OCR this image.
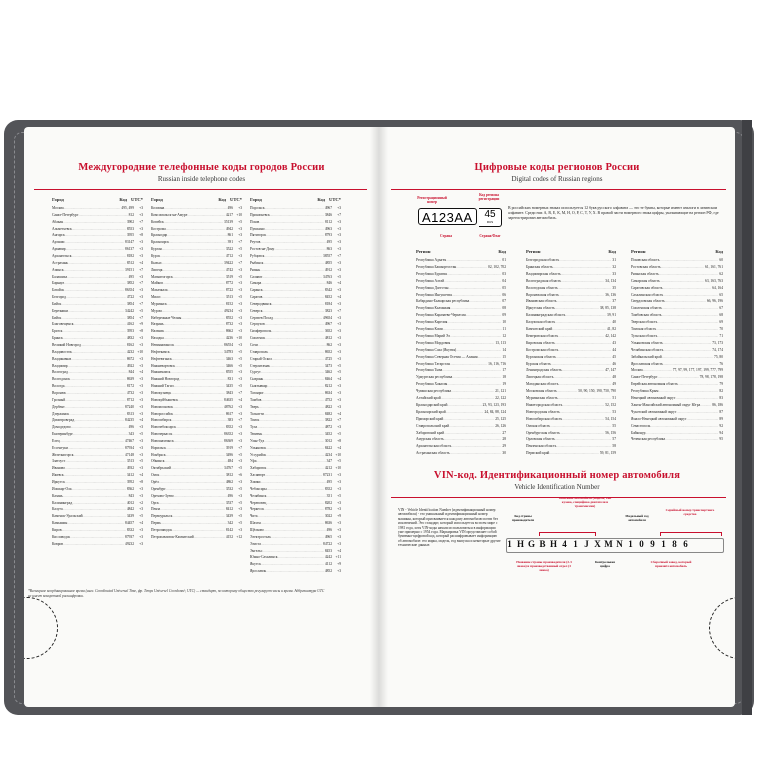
Междугородние телефонные коды городов России
Russian inside telephone codes
Город	Код UTC*
Москва .....	495, 499	+3
Санкт-Петербург .....	812	+3
Абакан .....	3902	+7
Альметьевск .....	8553	+3
Ангарск .....	3955	+8
Арзамас .....	83147	+3
Армавир .....	86137	+3
Архангельск .....	8182	+3
Астрахань .....	8512	+4
Ачинск .....	39151	+7
Балашиха .....	495	+3
Барнаул .....	3852	+7
Батайск .....	86354	+3
Белгород .....	4722	+3
Бийск .....	3854	+7
Березники .....	34242	+5
Бийск .....	3854	+7
Благовещенск .....	4162	+9
Братск .....	3953	+8
Брянск .....	4832	+3
Великий Новгород .....	8162	+3
Владивосток .....	4232 +10
Владикавказ .....	8672	+3
Владимир .....	4922	+3
Волгоград .....	844	+4
Волгодонск .....	8639	+3
Вологда .....	8172	+3
Воронеж .....	4732	+3
Грозный .....	8712	+3
Дербент .....	87240	+3
Дзержинск .....	8313	+3
Димитровград .....	84235	+4
Домодедово .....	496	+3
Екатеринбург .....	343	+5
Елец .....	47467	+3
Ессентуки .....	87934	+3
Железногорск .....	47148	+3
Златоуст .....	3513	+5
Иваново .....	4932	+3
Ижевск .....	3412	+4
Иркутск .....	3952	+8
Йошкар-Ола .....	8362	+3
Казань .....	843	+3
Калининград .....	4012	+2
Калуга .....	4842	+3
Каменск-Уральский .....	3439	+5
Камышин .....	84457	+4
Киров .....	8332	+3
Кисловодск .....	87937	+3
Ковров .....	49232	+3
Город	Код UTC*
Коломна .....	496	+3
Комсомольск-на-Амуре .....	4217 +10
Копейск .....	35139	+5
Кострома .....	4942	+3
Краснодар .....	861	+3
Красноярск .....	391	+7
Курган .....	3522	+5
Курск .....	4712	+3
Кызыл .....	39422	+7
Липецк .....	4742	+3
Магнитогорск .....	3519	+5
Майкоп .....	8772	+3
Махачкала .....	8722	+3
Миасс .....	3513	+5
Мурманск .....	8152	+3
Муром .....	49234	+3
Набережные Челны .....	8552	+3
Назрань .....	8732	+3
Нальчик .....	8662	+3
Находка .....	4236 +10
Невинномысск .....	86554	+3
Нефтекамск .....	34783	+5
Нефтеюганск .....	3463	+5
Нижневартовск .....	3466	+5
Нижнекамск .....	8555	+3
Нижний Новгород .....	831	+3
Нижний Тагил .....	3435	+5
Новокузнецк .....	3843	+7
Новокуйбышевск .....	84635	+4
Новомосковск .....	48762	+3
Новороссийск .....	8617	+3
Новосибирск .....	383	+7
Новочебоксарск .....	8352	+3
Новочеркасск .....	86352	+3
Новошахтинск .....	86369	+3
Норильск .....	3919	+7
Ноябрьск .....	3496	+5
Обнинск .....	484	+3
Октябрьский .....	34767	+5
Омск .....	3812	+6
Орёл .....	4862	+3
Оренбург .....	3532	+5
Орехово-Зуево .....	496	+3
Орск .....	3537	+5
Пенза .....	8412	+3
Первоуральск .....	3439	+5
Пермь .....	342	+5
Петрозаводск .....	8142	+3
Петропавловск-Камчатский .....	4152 +12
Город	Код UTC*
Подольск .....	4967	+3
Прокопьевск .....	3846	+7
Псков .....	8112	+3
Пушкино .....	4963	+3
Пятигорск .....	8793	+3
Реутов .....	495	+3
Ростов-на-Дону .....	863	+3
Рубцовск .....	38557	+7
Рыбинск .....	4855	+3
Рязань .....	4912	+3
Салават .....	34763	+5
Самара .....	846	+4
Саранск .....	8342	+3
Саратов .....	8452	+4
Северодвинск .....	8184	+3
Северск .....	3823	+7
Сергиев Посад .....	49654	+3
Серпухов .....	4967	+3
Симферополь .....	3652	+3
Смоленск .....	4812	+3
Сочи .....	862	+3
Ставрополь .....	8652	+3
Старый Оскол .....	4725	+3
Стерлитамак .....	3473	+5
Сургут .....	3462	+5
Сызрань .....	8464	+4
Сыктывкар .....	8212	+3
Таганрог .....	8634	+3
Тамбов .....	4752	+3
Тверь .....	4822	+3
Тольятти .....	8482	+4
Томск .....	3822	+7
Тула .....	4872	+3
Тюмень .....	3452	+5
Улан-Удэ .....	3012	+8
Ульяновск .....	8422	+4
Уссурийск .....	4234 +10
Уфа .....	347	+5
Хабаровск .....	4212 +10
Хасавюрт .....	87231	+3
Химки .....	495	+3
Чебоксары .....	8352	+3
Челябинск .....	351	+5
Череповец .....	8202	+3
Черкесск .....	8782	+3
Чита .....	3022	+9
Шахты .....	8636	+3
Щёлково .....	496	+3
Электросталь .....	4965	+3
Элиста .....	84722	+3
Энгельс .....	8453	+4
Южно-Сахалинск .....	4242 +11
Якутск .....	4112	+9
Ярославль .....	4852	+3
*Всемирное координированное время (англ. Coordinated Universal Time, фр. Temps Universel Coordonné; UTC) — стандарт, по которому общество регулирует часы и время. Аббревиатура UTC не имеет конкретной расшифровки.
Цифровые коды регионов России
Digital codes of Russian regions
Регион	Код
Республика Адыгея .....	01
Республика Башкортостан .....	02, 102, 702
Республика Бурятия .....	03
Республика Алтай .....	04
Республика Дагестан .....	05
Республика Ингушетия .....	06
Кабардино-Балкарская республика .....	07
Республика Калмыкия .....	08
Республика Карачаево-Черкесия .....	09
Республика Карелия .....	10
Республика Коми .....	11
Республика Марий Эл .....	12
Республика Мордовия .....	13, 113
Республика Саха (Якутия) .....	14
Республика Северная Осетия — Алания .....	15
Республика Татарстан .....	16, 116, 716
Республика Тыва .....	17
Удмуртская республика .....	18
Республика Хакасия .....	19
Чувашская республика .....	21, 121
Алтайский край .....	22, 122
Краснодарский край .....	23, 93, 123, 193
Красноярский край .....	24, 84, 88, 124
Приморский край .....	25, 125
Ставропольский край .....	26, 126
Хабаровский край .....	27
Амурская область .....	28
Архангельская область .....	29
Астраханская область .....	30
Регион	Код
Белгородская область .....	31
Брянская область .....	32
Владимирская область .....	33
Волгоградская область .....	34, 134
Вологодская область .....	35
Воронежская область .....	36, 136
Ивановская область .....	37
Иркутская область .....	38, 85, 138
Калининградская область .....	39, 91
Калужская область .....	40
Камчатский край .....	41, 82
Кемеровская область .....	42, 142
Кировская область .....	43
Костромская область .....	44
Курганская область .....	45
Курская область .....	46
Ленинградская область .....	47, 147
Липецкая область .....	48
Магаданская область .....	49
Московская область .....	50, 90, 150, 190, 750, 790
Мурманская область .....	51
Нижегородская область .....	52, 152
Новгородская область .....	53
Новосибирская область .....	54, 154
Омская область .....	55
Оренбургская область .....	56, 156
Орловская область .....	57
Пензенская область .....	58
Пермский край .....	59, 81, 159
Регион	Код
Псковская область .....	60
Ростовская область .....	61, 161, 761
Рязанская область .....	62
Самарская область .....	63, 163, 763
Саратовская область .....	64, 164
Сахалинская область .....	65
Свердловская область .....	66, 96, 196
Смоленская область .....	67
Тамбовская область .....	68
Тверская область .....	69
Томская область .....	70
Тульская область .....	71
Ульяновская область .....	73, 173
Челябинская область .....	74, 174
Забайкальский край .....	75, 80
Ярославская область .....	76
Москва .....	77, 97, 99, 177, 197, 199, 777, 799
Санкт-Петербург .....	78, 98, 178, 198
Еврейская автономная область .....	79
Республика Крым .....	82
Ненецкий автономный округ .....	83
Ханты-Мансийский автономный округ Югра .....	86, 186
Чукотский автономный округ .....	87
Ямало-Ненецкий автономный округ .....	89
Севастополь .....	92
Байконур .....	94
Чеченская республика .....	95
VIN-код. Идентификационный номер автомобиля
Vehicle Identification Number
Регистрационный номер
Код региона регистрации
A123AA	45
RUS
Страна	Страна/Флаг
В российских номерных знаках используется 12 букв русского алфавита — это те буквы, которые имеют аналоги в латинском алфавите. Среди них А, В, Е, К, М, Н, О, Р, С, Т, У, Х. В правой части номерного знака цифры, указывающие на регион РФ, где зарегистрирован автомобиль.
VIN - Vehicle Identification Number (идентификационный номер автомобиля) - это уникальный идентификационный номер машины, который присваивается каждому автомобилю почти без исключений. Это стандарт, который используется во всем мире с 1981 года, хотя VIN-коды начали использоваться в информации уже примерно с 1954 года. Маркировка VIN представляет собой буквенно-цифровой код, который расшифровывает информацию об автомобиле: его марка, модель, год выпуска и некоторые другие технические данные.	1 H G B H 4 1 J X M N 1 0 9 1 8 6
Код страны производителя
Описание автомобиля (модель, тип кузова, специфика двигателя и трансмиссии)
Модельный год автомобиля
Серийный номер транспортного средства
Название страны производителя (2-3 знака) и производственный отдел (3 знака)
Контрольная цифра
Сборочный завод, который произвёл автомобиль
